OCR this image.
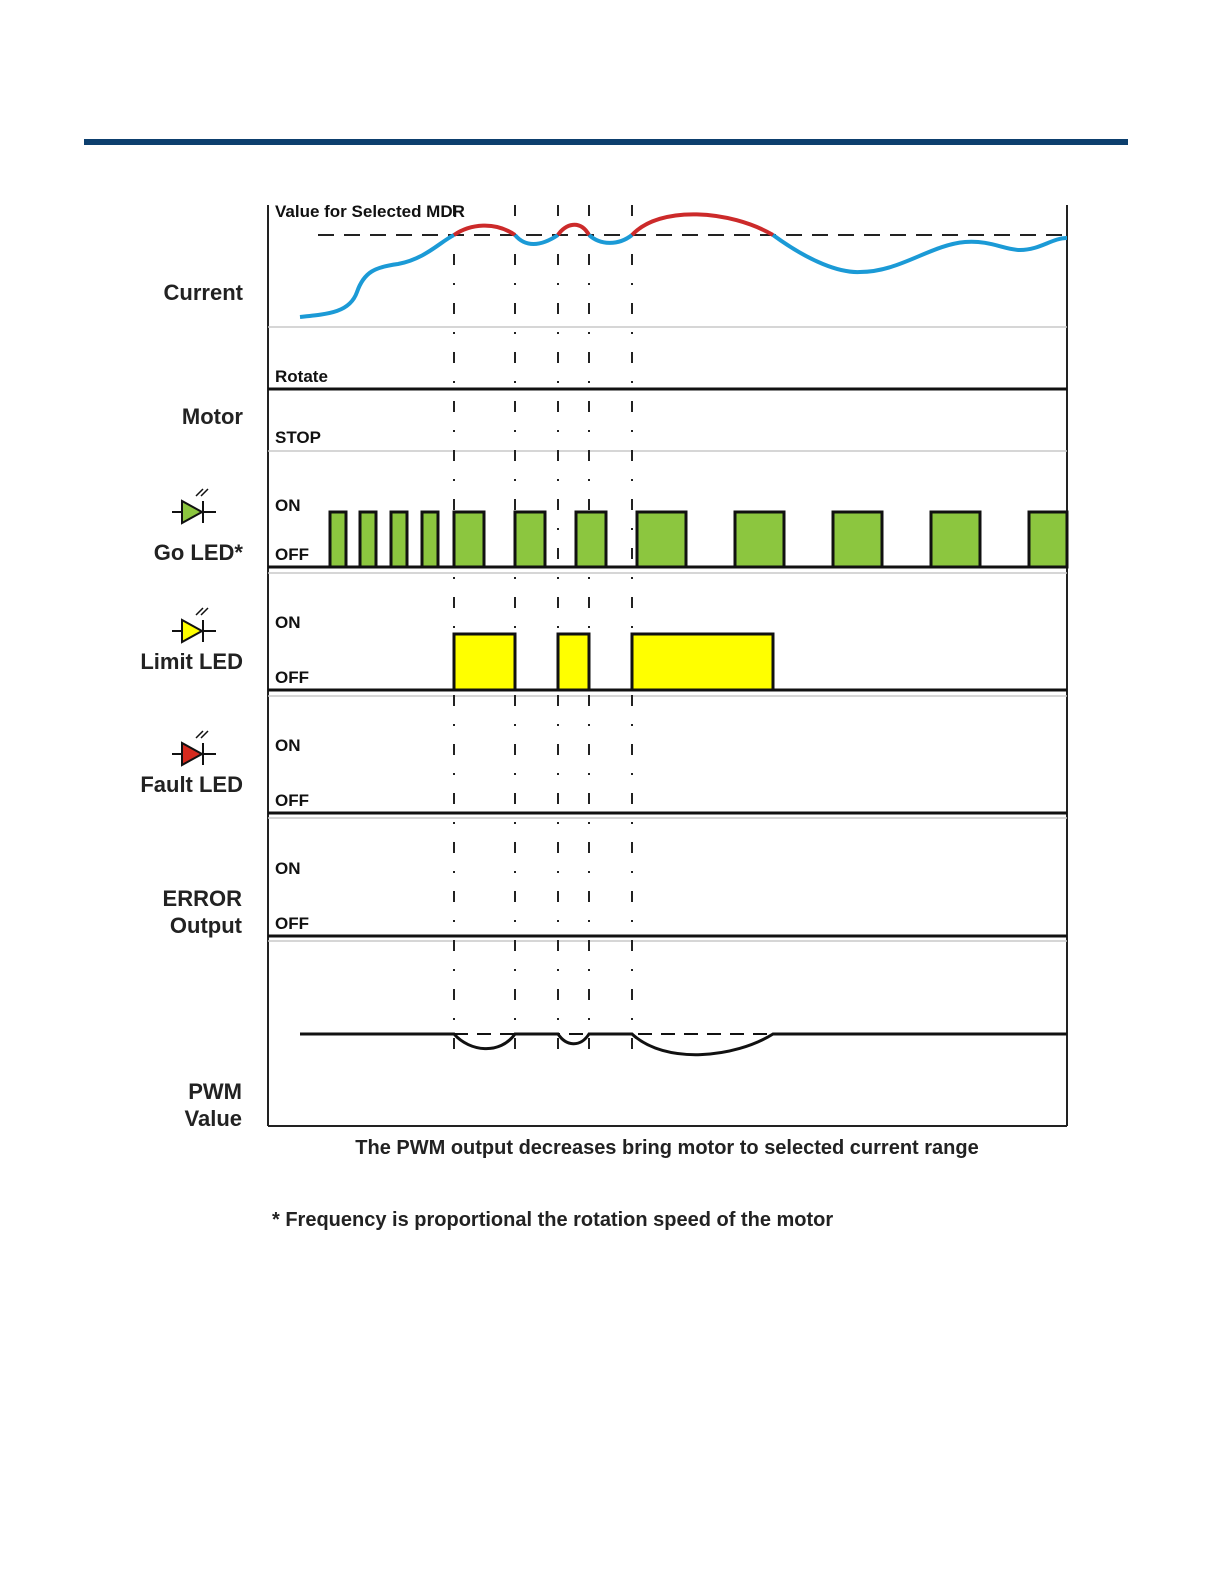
Value for Selected MDR
Current
Rotate
STOP
Motor
ON
OFF
Go LED*
ON
OFF
Limit LED
ON
OFF
Fault LED
ON
OFF
ERROR
Output
PWM
Value
The PWM output decreases bring motor to selected current range
* Frequency is proportional the rotation speed of the motor
